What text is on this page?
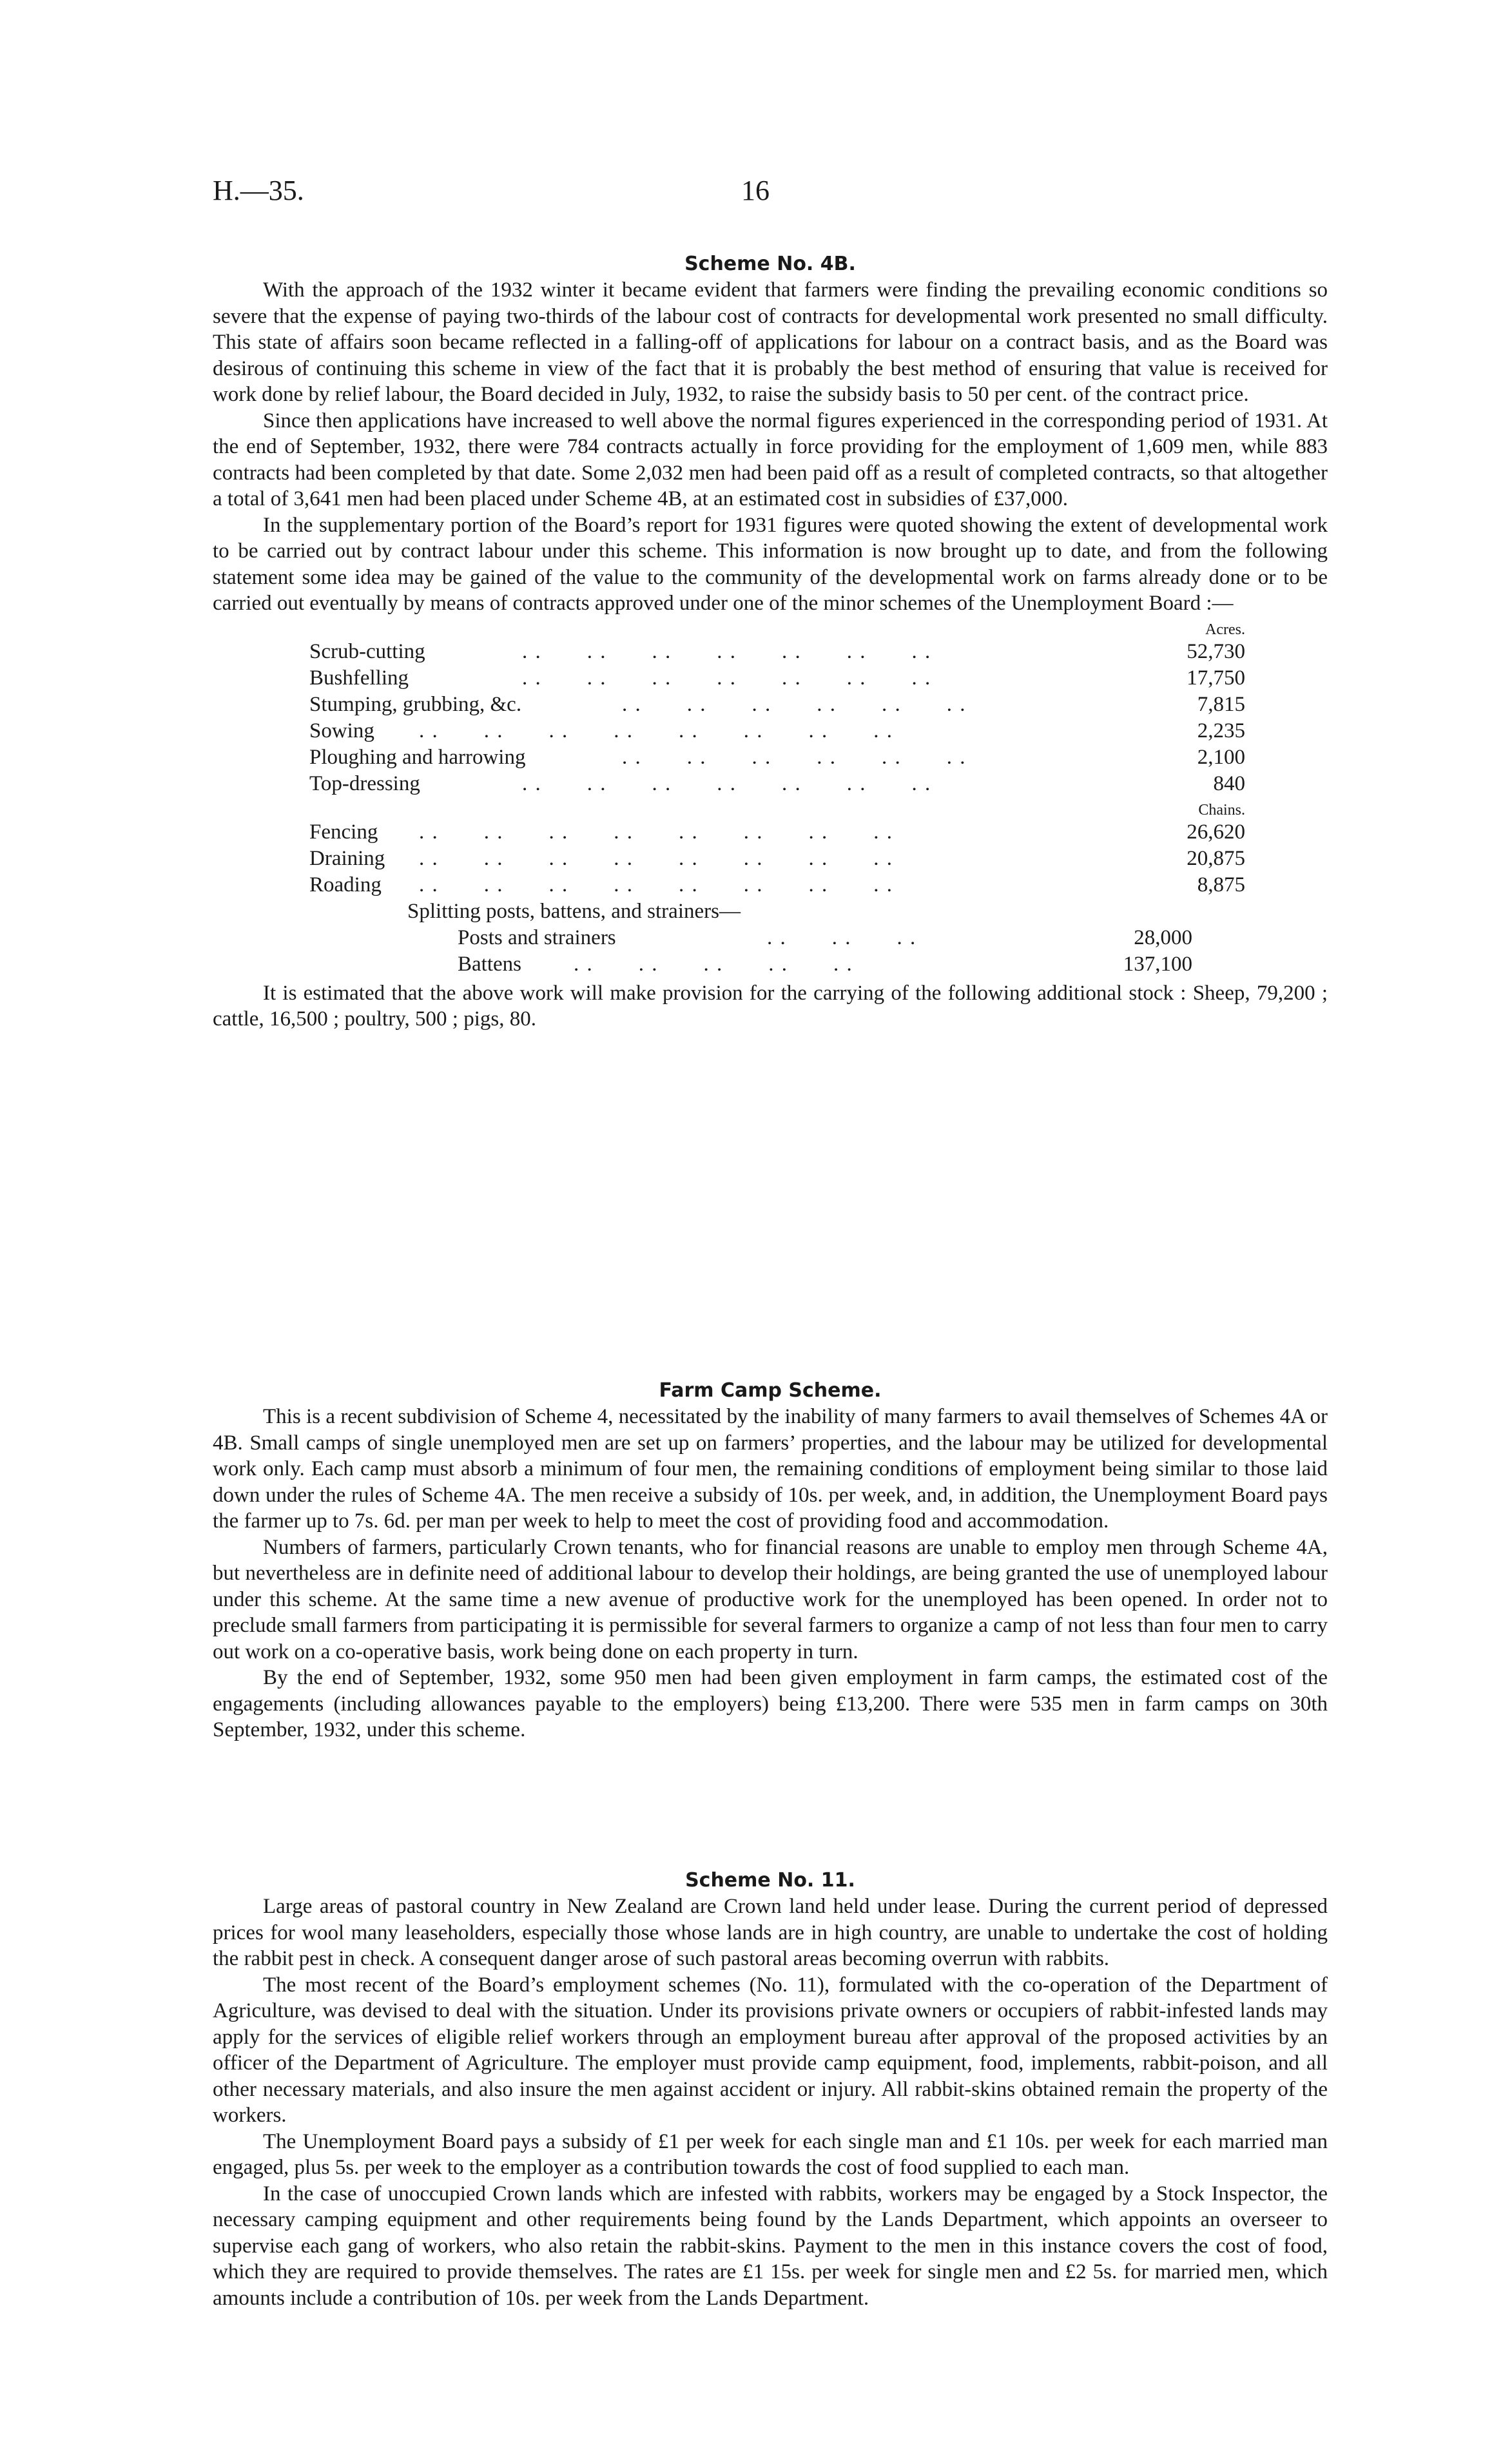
H.—35.	16
Scheme No. 4B.

With the approach of the 1932 winter it became evident that farmers were finding the prevailing economic conditions so severe that the expense of paying two-thirds of the labour cost of contracts for developmental work presented no small difficulty. This state of affairs soon became reflected in a falling-off of applications for labour on a contract basis, and as the Board was desirous of continuing this scheme in view of the fact that it is probably the best method of ensuring that value is received for work done by relief labour, the Board decided in July, 1932, to raise the subsidy basis to 50 per cent. of the contract price.

Since then applications have increased to well above the normal figures experienced in the corresponding period of 1931. At the end of September, 1932, there were 784 contracts actually in force providing for the employment of 1,609 men, while 883 contracts had been completed by that date. Some 2,032 men had been paid off as a result of completed contracts, so that altogether a total of 3,641 men had been placed under Scheme 4B, at an estimated cost in subsidies of £37,000.

In the supplementary portion of the Board’s report for 1931 figures were quoted showing the extent of developmental work to be carried out by contract labour under this scheme. This information is now brought up to date, and from the following statement some idea may be gained of the value to the community of the developmental work on farms already done or to be carried out eventually by means of contracts approved under one of the minor schemes of the Unemployment Board :—

Acres.
Scrub-cutting	. .  . .  . .  . .  . .  . .  . .	52,730
Bushfelling	. .  . .  . .  . .  . .  . .  . .	17,750
Stumping, grubbing, &c.	. .  . .  . .  . .  . .  . .	7,815
Sowing . .  . .  . .  . .  . .  . .  . .  . .	2,235
Ploughing and harrowing	. .  . .  . .  . .  . .  . .	2,100
Top-dressing	. .  . .  . .  . .  . .  . .  . .	840
Chains.
Fencing . .  . .  . .  . .  . .  . .  . .  . .	26,620
Draining . .  . .  . .  . .  . .  . .  . .  . .	20,875
Roading . .  . .  . .  . .  . .  . .  . .  . .	8,875
Splitting posts, battens, and strainers—
Posts and strainers	. .  . .  . .	28,000
Battens . .  . .  . .  . .  . .	137,100

It is estimated that the above work will make provision for the carrying of the following additional stock : Sheep, 79,200 ; cattle, 16,500 ; poultry, 500 ; pigs, 80.

Farm Camp Scheme.

This is a recent subdivision of Scheme 4, necessitated by the inability of many farmers to avail themselves of Schemes 4A or 4B. Small camps of single unemployed men are set up on farmers’ properties, and the labour may be utilized for developmental work only. Each camp must absorb a minimum of four men, the remaining conditions of employment being similar to those laid down under the rules of Scheme 4A. The men receive a subsidy of 10s. per week, and, in addition, the Unemployment Board pays the farmer up to 7s. 6d. per man per week to help to meet the cost of providing food and accommodation.

Numbers of farmers, particularly Crown tenants, who for financial reasons are unable to employ men through Scheme 4A, but nevertheless are in definite need of additional labour to develop their holdings, are being granted the use of unemployed labour under this scheme. At the same time a new avenue of productive work for the unemployed has been opened. In order not to preclude small farmers from participating it is permissible for several farmers to organize a camp of not less than four men to carry out work on a co-operative basis, work being done on each property in turn.

By the end of September, 1932, some 950 men had been given employment in farm camps, the estimated cost of the engagements (including allowances payable to the employers) being £13,200. There were 535 men in farm camps on 30th September, 1932, under this scheme.

Scheme No. 11.

Large areas of pastoral country in New Zealand are Crown land held under lease. During the current period of depressed prices for wool many leaseholders, especially those whose lands are in high country, are unable to undertake the cost of holding the rabbit pest in check. A consequent danger arose of such pastoral areas becoming overrun with rabbits.

The most recent of the Board’s employment schemes (No. 11), formulated with the co-operation of the Department of Agriculture, was devised to deal with the situation. Under its provisions private owners or occupiers of rabbit-infested lands may apply for the services of eligible relief workers through an employment bureau after approval of the proposed activities by an officer of the Department of Agriculture. The employer must provide camp equipment, food, implements, rabbit-poison, and all other necessary materials, and also insure the men against accident or injury. All rabbit-skins obtained remain the property of the workers.

The Unemployment Board pays a subsidy of £1 per week for each single man and £1 10s. per week for each married man engaged, plus 5s. per week to the employer as a contribution towards the cost of food supplied to each man.

In the case of unoccupied Crown lands which are infested with rabbits, workers may be engaged by a Stock Inspector, the necessary camping equipment and other requirements being found by the Lands Department, which appoints an overseer to supervise each gang of workers, who also retain the rabbit-skins. Payment to the men in this instance covers the cost of food, which they are required to provide themselves. The rates are £1 15s. per week for single men and £2 5s. for married men, which amounts include a contribution of 10s. per week from the Lands Department.
